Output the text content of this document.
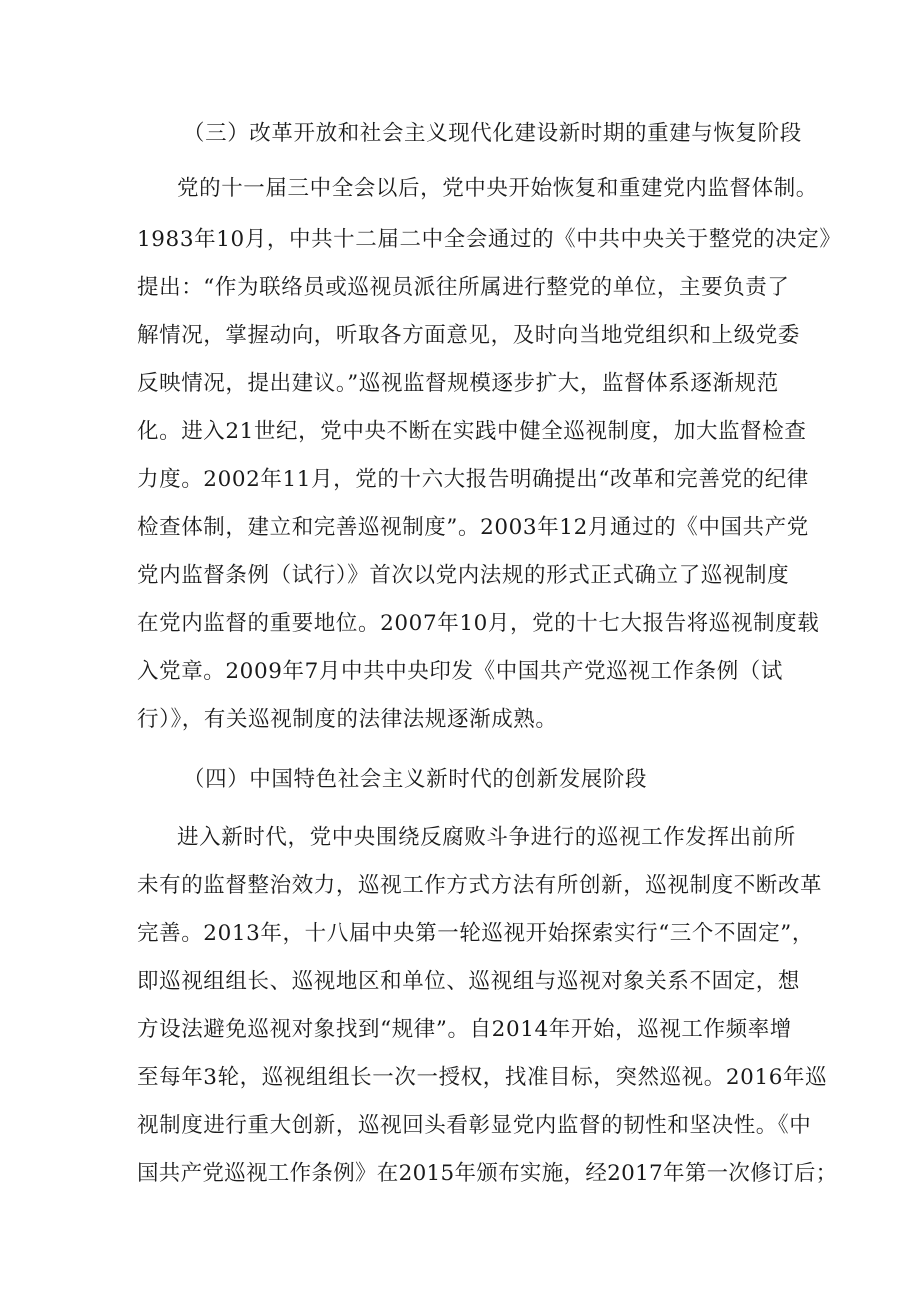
（三）改革开放和社会主义现代化建设新时期的重建与恢复阶段
党的十一届三中全会以后，党中央开始恢复和重建党内监督体制。
1983年10月，中共十二届二中全会通过的《中共中央关于整党的决定》
提出：“作为联络员或巡视员派往所属进行整党的单位，主要负责了
解情况，掌握动向，听取各方面意见，及时向当地党组织和上级党委
反映情况，提出建议。”巡视监督规模逐步扩大，监督体系逐渐规范
化。进入21世纪，党中央不断在实践中健全巡视制度，加大监督检查
力度。2002年11月，党的十六大报告明确提出“改革和完善党的纪律
检查体制，建立和完善巡视制度”。2003年12月通过的《中国共产党
党内监督条例（试行）》首次以党内法规的形式正式确立了巡视制度
在党内监督的重要地位。2007年10月，党的十七大报告将巡视制度载
入党章。2009年7月中共中央印发《中国共产党巡视工作条例（试
行）》，有关巡视制度的法律法规逐渐成熟。
（四）中国特色社会主义新时代的创新发展阶段
进入新时代，党中央围绕反腐败斗争进行的巡视工作发挥出前所
未有的监督整治效力，巡视工作方式方法有所创新，巡视制度不断改革
完善。2013年，十八届中央第一轮巡视开始探索实行“三个不固定”，
即巡视组组长、巡视地区和单位、巡视组与巡视对象关系不固定，想
方设法避免巡视对象找到“规律”。自2014年开始，巡视工作频率增
至每年3轮，巡视组组长一次一授权，找准目标，突然巡视。2016年巡
视制度进行重大创新，巡视回头看彰显党内监督的韧性和坚决性。《中
国共产党巡视工作条例》在2015年颁布实施，经2017年第一次修订后；
